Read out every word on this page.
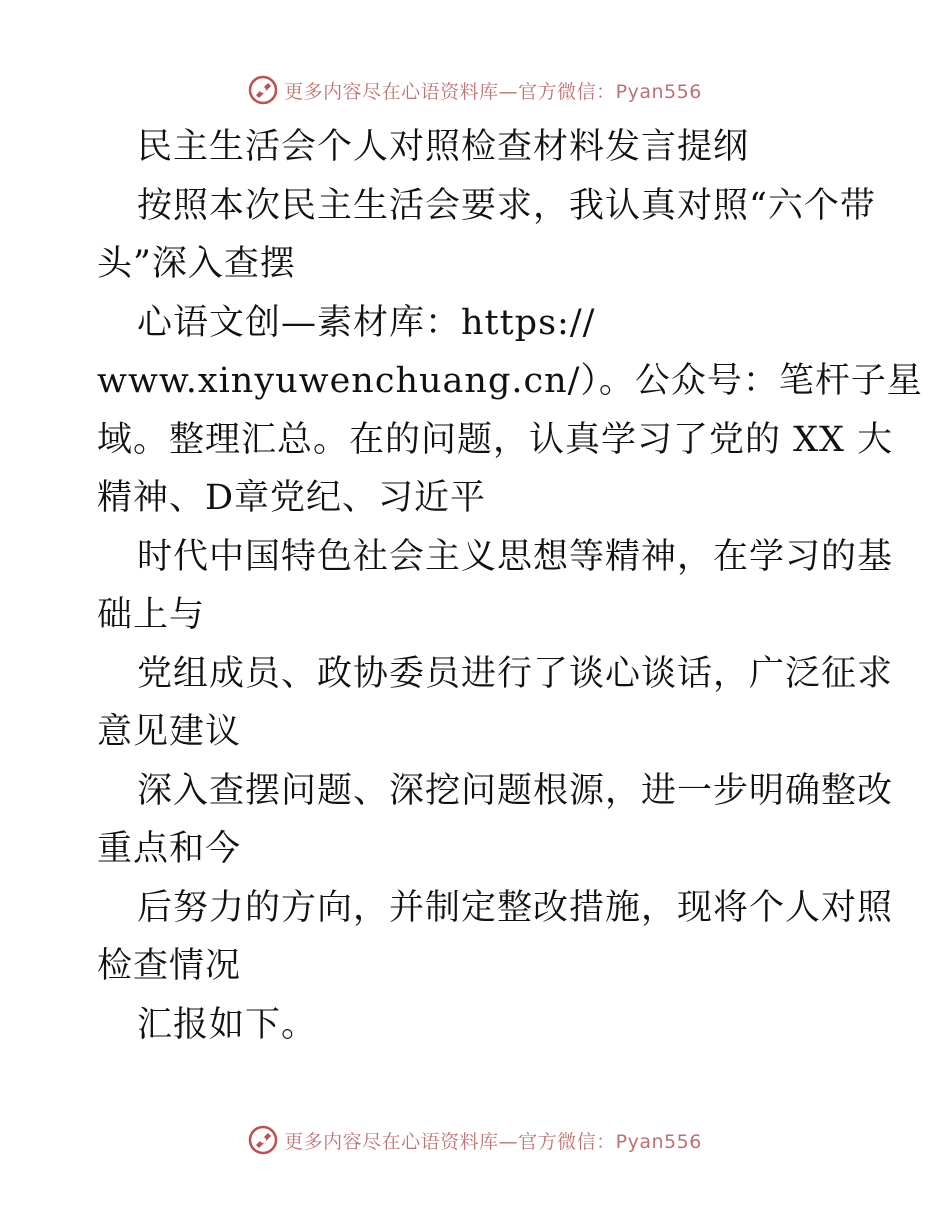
更多内容尽在心语资料库—官方微信：Pyan556
民主生活会个人对照检查材料发言提纲
按照本次民主生活会要求，我认真对照“六个带
头”深入查摆
心语文创—素材库：https://
www.xinyuwenchuang.cn/）。公众号：笔杆子星
域。整理汇总。在的问题，认真学习了党的 XX 大
精神、D章党纪、习近平
时代中国特色社会主义思想等精神，在学习的基
础上与
党组成员、政协委员进行了谈心谈话，广泛征求
意见建议
深入查摆问题、深挖问题根源，进一步明确整改
重点和今
后努力的方向，并制定整改措施，现将个人对照
检查情况
汇报如下。
更多内容尽在心语资料库—官方微信：Pyan556
